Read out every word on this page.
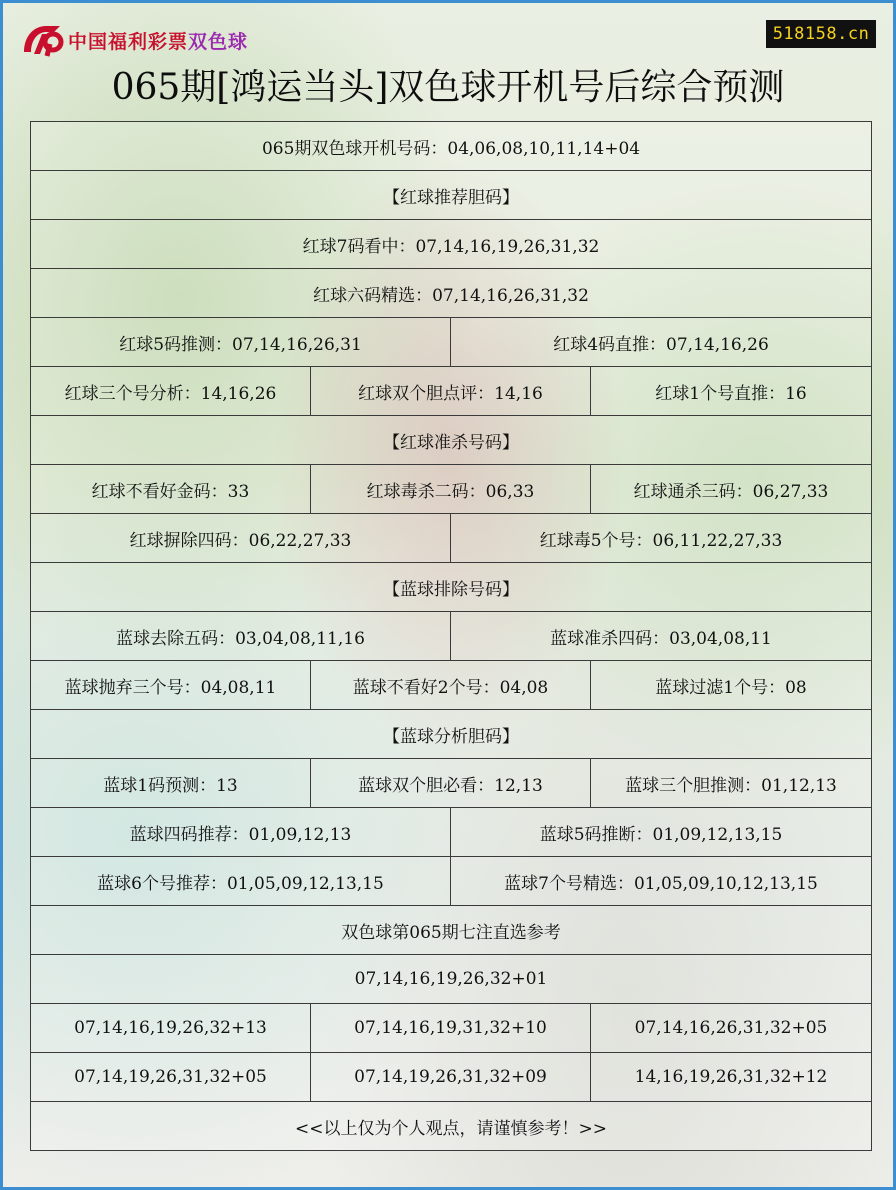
中国福利彩票双色球	518158.cn
065期[鸿运当头]双色球开机号后综合预测
065期双色球开机号码：04,06,08,10,11,14+04			
【红球推荐胆码】			
红球7码看中：07,14,16,19,26,31,32			
红球六码精选：07,14,16,26,31,32			
红球5码推测：07,14,16,26,31		红球4码直推：07,14,16,26	
红球三个号分析：14,16,26	红球双个胆点评：14,16		红球1个号直推：16
【红球准杀号码】			
红球不看好金码：33	红球毒杀二码：06,33		红球通杀三码：06,27,33
红球摒除四码：06,22,27,33		红球毒5个号：06,11,22,27,33	
【蓝球排除号码】			
蓝球去除五码：03,04,08,11,16		蓝球准杀四码：03,04,08,11	
蓝球抛弃三个号：04,08,11	蓝球不看好2个号：04,08		蓝球过滤1个号：08
【蓝球分析胆码】			
蓝球1码预测：13	蓝球双个胆必看：12,13		蓝球三个胆推测：01,12,13
蓝球四码推荐：01,09,12,13		蓝球5码推断：01,09,12,13,15	
蓝球6个号推荐：01,05,09,12,13,15		蓝球7个号精选：01,05,09,10,12,13,15	
双色球第065期七注直选参考			
07,14,16,19,26,32+01			
07,14,16,19,26,32+13	07,14,16,19,31,32+10		07,14,16,26,31,32+05
07,14,19,26,31,32+05	07,14,19,26,31,32+09		14,16,19,26,31,32+12
<<以上仅为个人观点，请谨慎参考！>>			
